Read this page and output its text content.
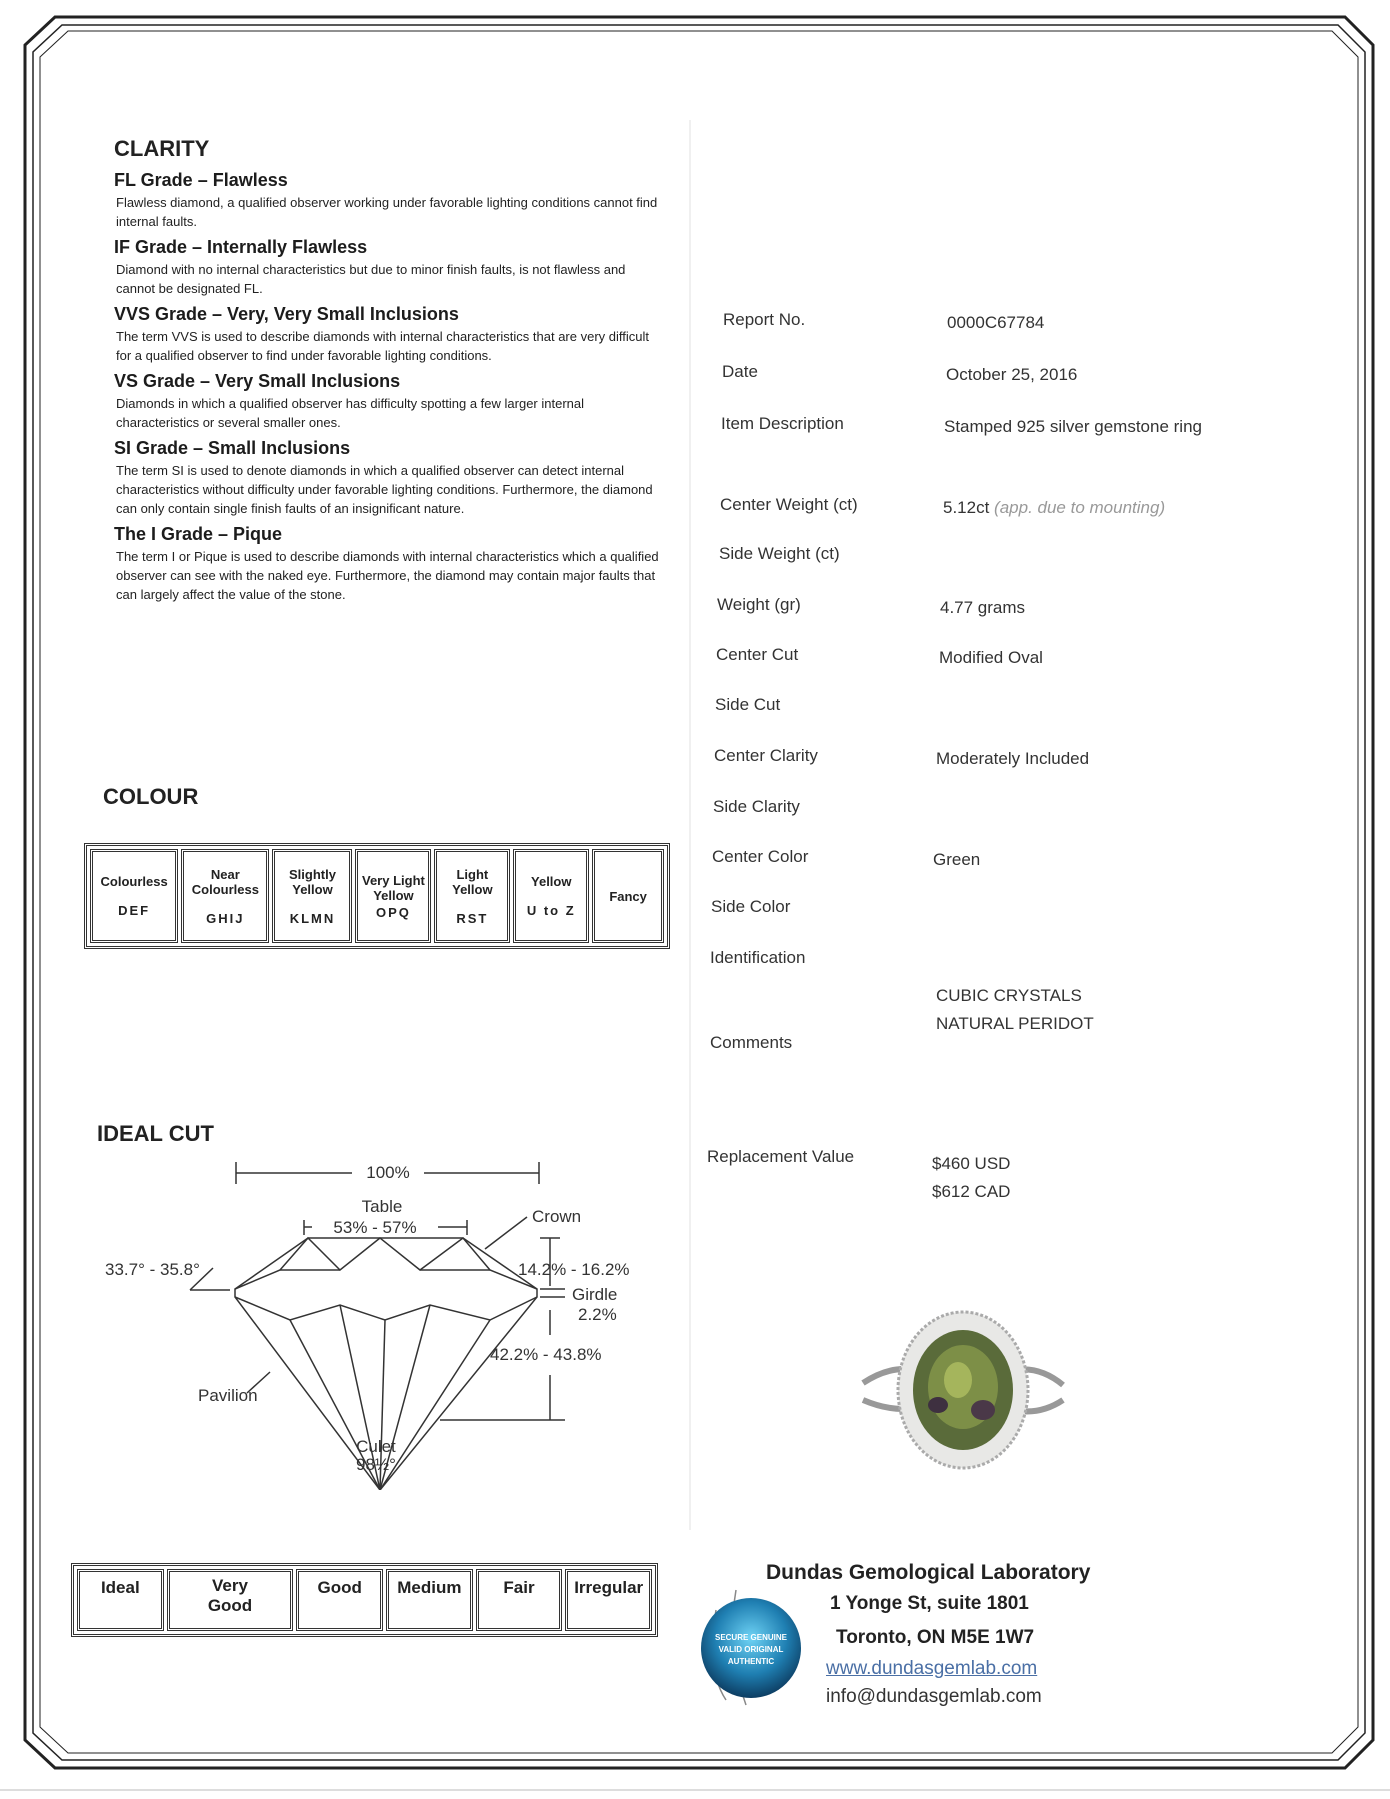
CLARITY

FL Grade – Flawless

Flawless diamond, a qualified observer working under favorable lighting conditions cannot find internal faults.

IF Grade – Internally Flawless

Diamond with no internal characteristics but due to minor finish faults, is not flawless and cannot be designated FL.

VVS Grade – Very, Very Small Inclusions

The term VVS is used to describe diamonds with internal characteristics that are very difficult for a qualified observer to find under favorable lighting conditions.

VS Grade – Very Small Inclusions

Diamonds in which a qualified observer has difficulty spotting a few larger internal characteristics or several smaller ones.

SI Grade – Small Inclusions

The term SI is used to denote diamonds in which a qualified observer can detect internal characteristics without difficulty under favorable lighting conditions. Furthermore, the diamond can only contain single finish faults of an insignificant nature.

The I Grade – Pique

The term I or Pique is used to describe diamonds with internal characteristics which a qualified observer can see with the naked eye. Furthermore, the diamond may contain major faults that can largely affect the value of the stone.

COLOUR
Colourless
DEF
Near Colourless
GHIJ
Slightly Yellow
KLMN
Very Light Yellow
OPQ
Light Yellow
RST
Yellow
U to Z
Fancy
IDEAL CUT
100%
Table
53% - 57%
Crown
33.7° - 35.8°	14.2% - 16.2%
Girdle
2.2%
42.2% - 43.8%
Pavilion
Culet
98½°
Ideal	Very Good
Good	Medium	Fair	Irregular
Report No.	0000C67784
Date	October 25, 2016
Item Description	Stamped 925 silver gemstone ring
Center Weight (ct)	5.12ct (app. due to mounting)
Side Weight (ct)
Weight (gr)	4.77 grams
Center Cut	Modified Oval
Side Cut
Center Clarity	Moderately Included
Side Clarity
Center Color	Green
Side Color
Identification
Comments
CUBIC CRYSTALS
NATURAL PERIDOT
Replacement Value	$460 USD
$612 CAD
SECURE GENUINE
VALID ORIGINAL
AUTHENTIC
Dundas Gemological Laboratory
1 Yonge St, suite 1801
Toronto, ON M5E 1W7
www.dundasgemlab.com
info@dundasgemlab.com
